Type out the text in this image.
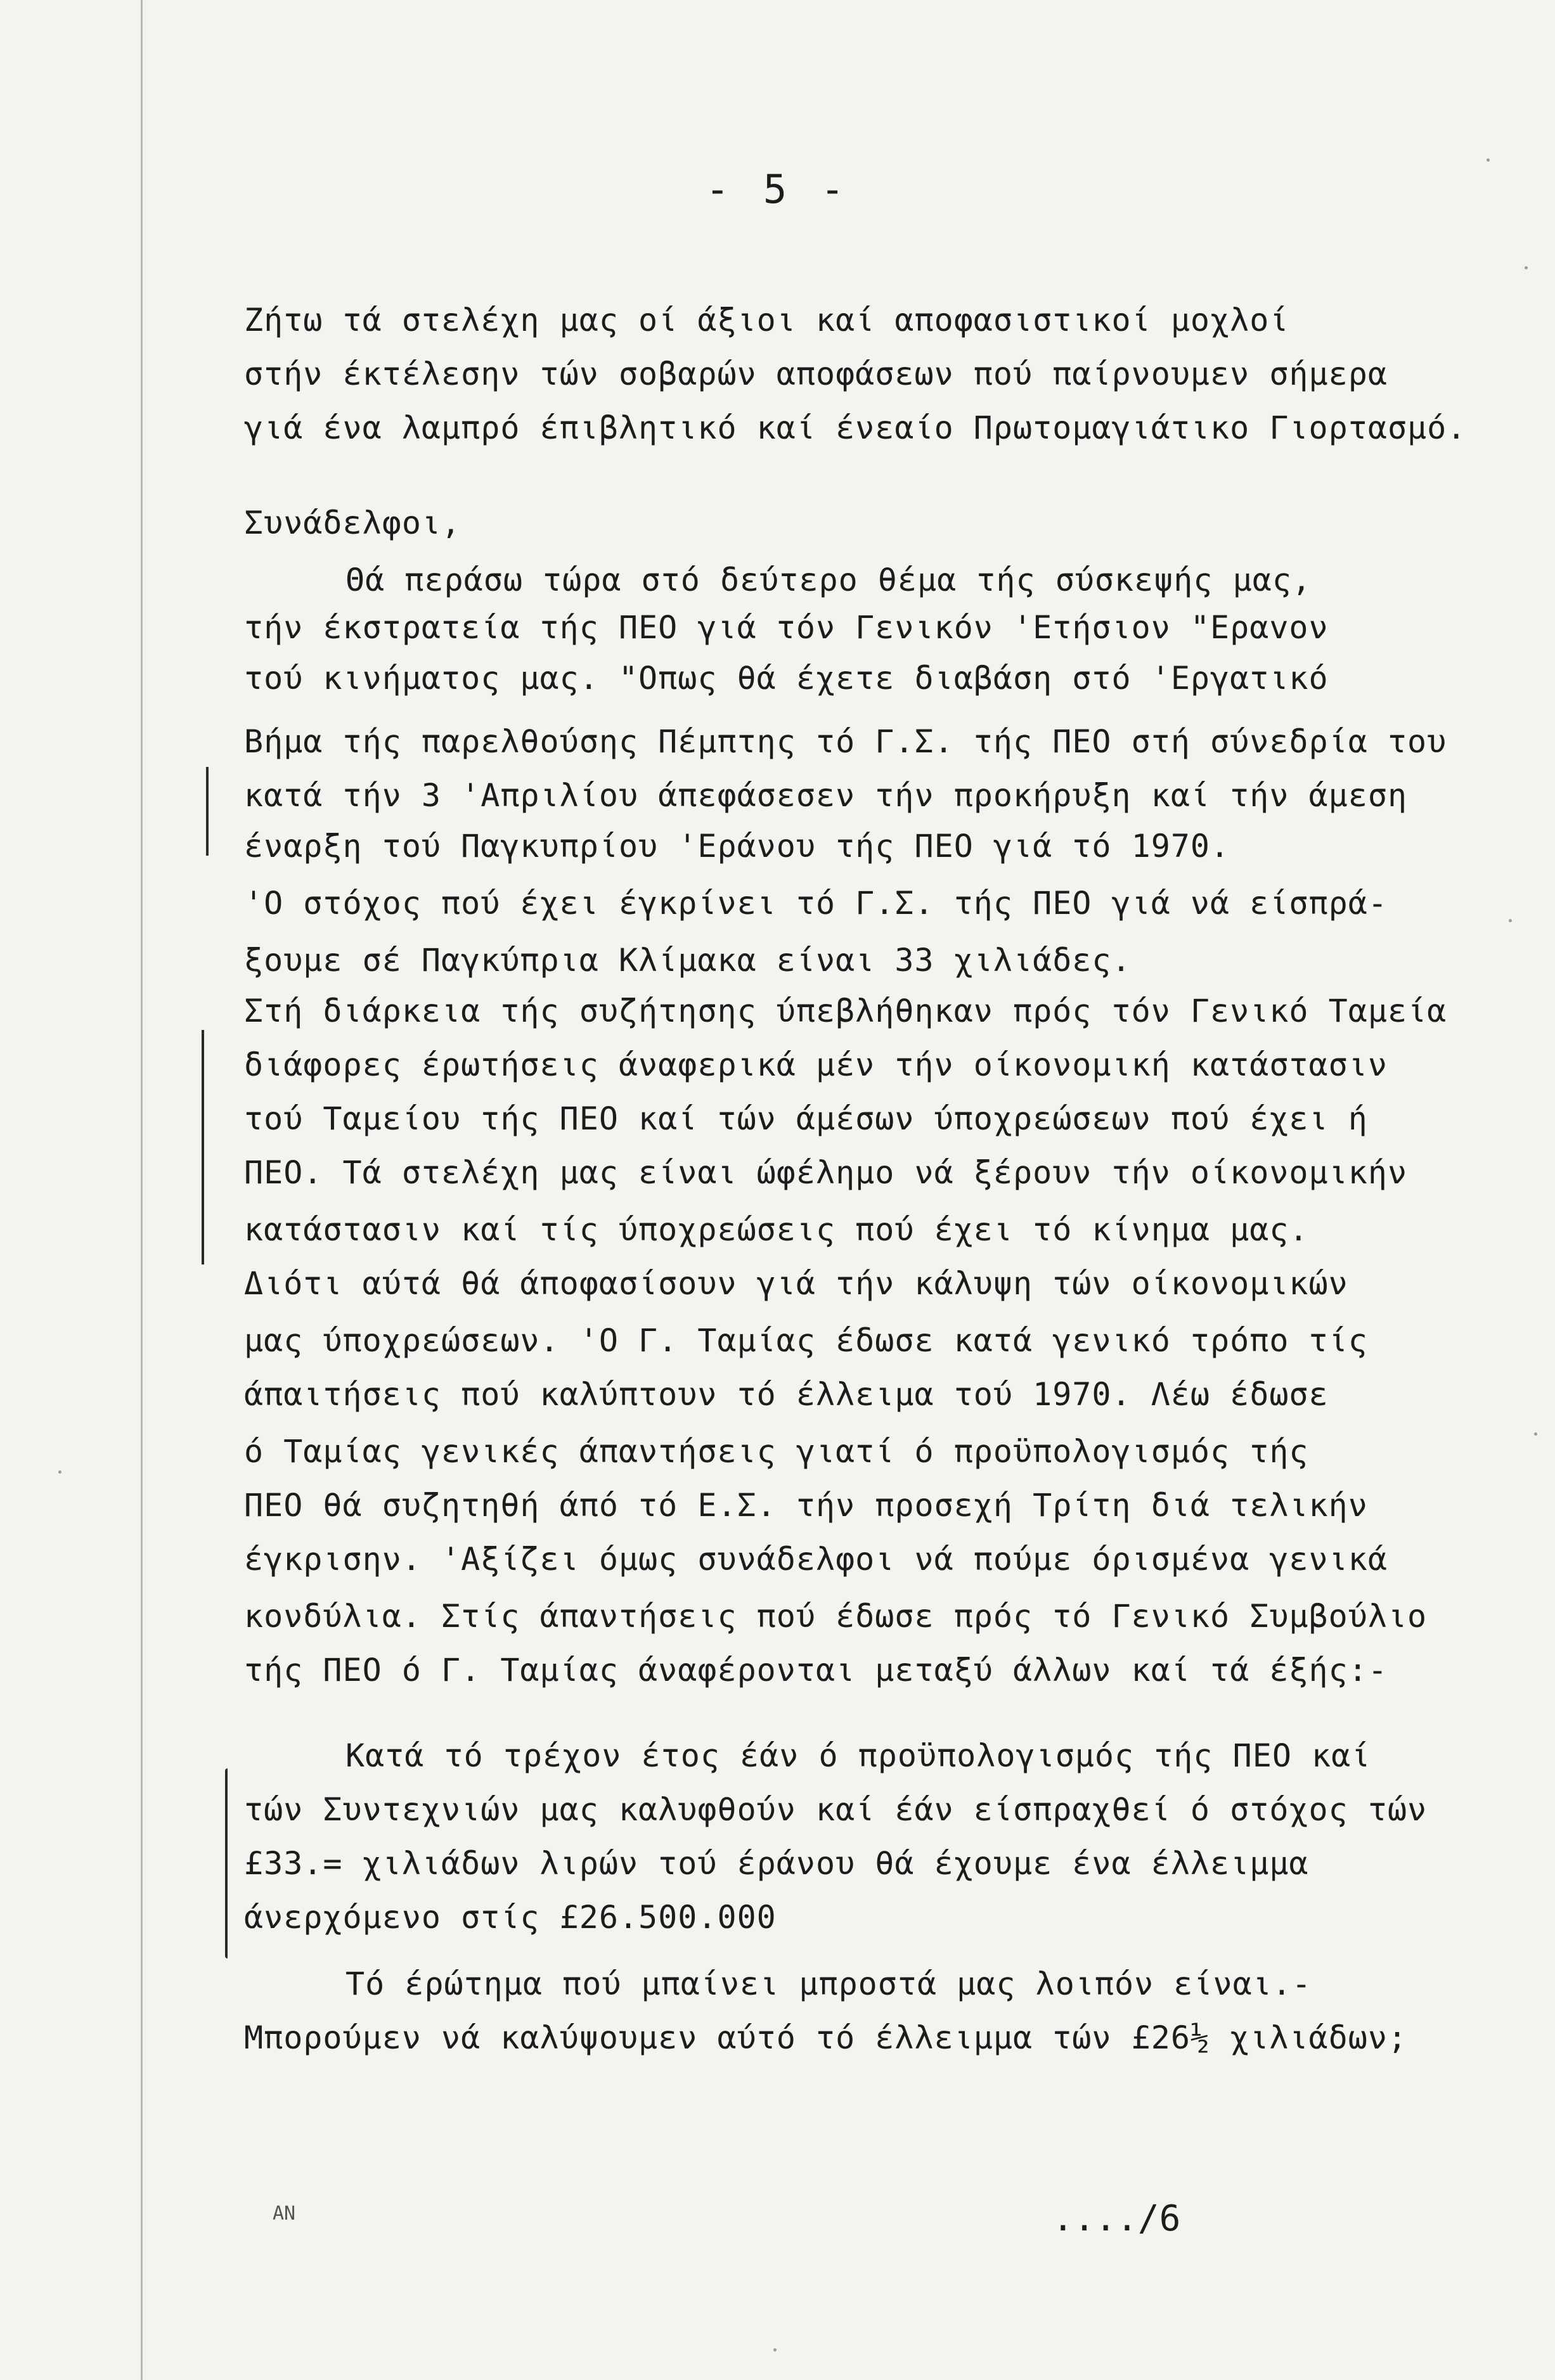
- 5 -
Ζήτω τά στελέχη μας οί άξιοι καί αποφασιστικοί μοχλοί
στήν έκτέλεσην τών σοβαρών αποφάσεων πού παίρνουμεν σήμερα
γιά ένα λαμπρό έπιβλητικό καί ένεαίο Πρωτομαγιάτικο Γιορτασμό.
Συνάδελφοι,
Θά περάσω τώρα στό δεύτερο θέμα τής σύσκεψής μας,
τήν έκστρατεία τής ΠΕΟ γιά τόν Γενικόν 'Ετήσιον "Εραvον
τού κινήματος μας. "Οπως θά έχετε διαβάση στό 'Εργατικό
Βήμα τής παρελθούσης Πέμπτης τό Γ.Σ. τής ΠΕΟ στή σύνεδρία του
κατά τήν 3 'Απριλίου άπεφάσεσεν τήν προκήρυξη καί τήν άμεση
έναρξη τού Παγκυπρίου 'Εράνου τής ΠΕΟ γιά τό 1970.
'Ο στόχος πού έχει έγκρίνει τό Γ.Σ. τής ΠΕΟ γιά νά είσπρά-
ξουμε σέ Παγκύπρια Κλίμακα είναι 33 χιλιάδες.
Στή διάρκεια τής συζήτησης ύπεβλήθηκαν πρός τόν Γενικό Ταμεία
διάφορες έρωτήσεις άναφερικά μέν τήν οίκονομική κατάστασιν
τού Ταμείου τής ΠΕΟ καί τών άμέσων ύποχρεώσεων πού έχει ή
ΠΕΟ. Τά στελέχη μας είναι ώφέλημο νά ξέρουν τήν οίκονομικήν
κατάστασιν καί τίς ύποχρεώσεις πού έχει τό κίνημα μας.
Διότι αύτά θά άποφασίσουν γιά τήν κάλυψη τών οίκονομικών
μας ύποχρεώσεων. 'Ο Γ. Ταμίας έδωσε κατά γενικό τρόπο τίς
άπαιτήσεις πού καλύπτουν τό έλλειμα τού 1970. Λέω έδωσε
ό Ταμίας γενικές άπαντήσεις γιατί ό προϋπολογισμός τής
ΠΕΟ θά συζητηθή άπό τό Ε.Σ. τήν προσεχή Τρίτη διά τελικήν
έγκρισην. 'Αξίζει όμως συνάδελφοι νά πούμε όρισμένα γενικά
κονδύλια. Στίς άπαντήσεις πού έδωσε πρός τό Γενικό Συμβούλιο
τής ΠΕΟ ό Γ. Ταμίας άναφέρονται μεταξύ άλλων καί τά έξής:-
Κατά τό τρέχον έτος έάν ό προϋπολογισμός τής ΠΕΟ καί
τών Συντεχνιών μας καλυφθούν καί έάν είσπραχθεί ό στόχος τών
£33.= χιλιάδων λιρών τού έράνου θά έχουμε ένα έλλειμμα
άνερχόμενο στίς £26.500.000
Τό έρώτημα πού μπαίνει μπροστά μας λοιπόν είναι.-
Μπορούμεν νά καλύψουμεν αύτό τό έλλειμμα τών £26½ χιλιάδων;
ΑΝ	..../6
